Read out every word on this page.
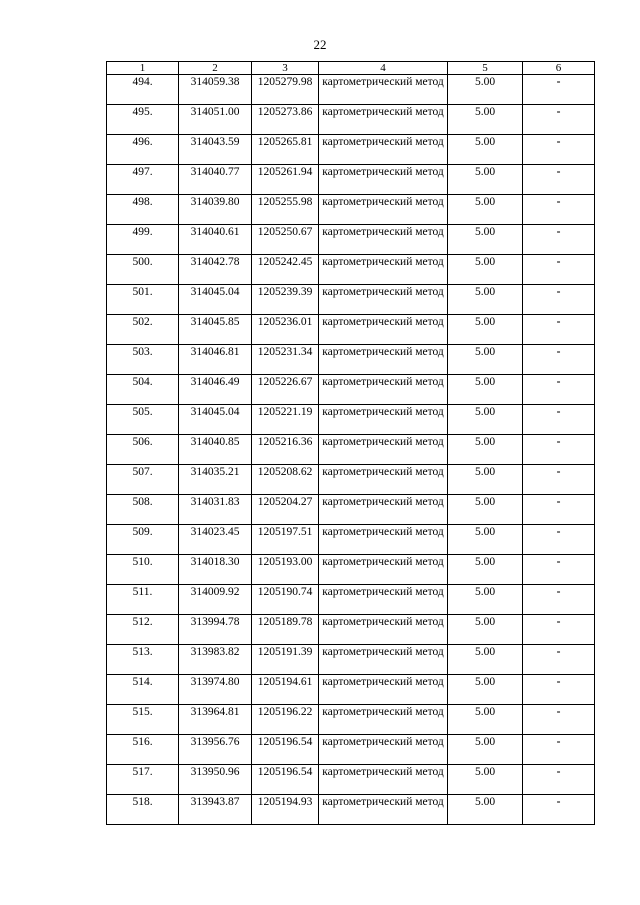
22
1	2	3	4	5	6
494.	314059.38	1205279.98	картометрический метод	5.00	-
495.	314051.00	1205273.86	картометрический метод	5.00	-
496.	314043.59	1205265.81	картометрический метод	5.00	-
497.	314040.77	1205261.94	картометрический метод	5.00	-
498.	314039.80	1205255.98	картометрический метод	5.00	-
499.	314040.61	1205250.67	картометрический метод	5.00	-
500.	314042.78	1205242.45	картометрический метод	5.00	-
501.	314045.04	1205239.39	картометрический метод	5.00	-
502.	314045.85	1205236.01	картометрический метод	5.00	-
503.	314046.81	1205231.34	картометрический метод	5.00	-
504.	314046.49	1205226.67	картометрический метод	5.00	-
505.	314045.04	1205221.19	картометрический метод	5.00	-
506.	314040.85	1205216.36	картометрический метод	5.00	-
507.	314035.21	1205208.62	картометрический метод	5.00	-
508.	314031.83	1205204.27	картометрический метод	5.00	-
509.	314023.45	1205197.51	картометрический метод	5.00	-
510.	314018.30	1205193.00	картометрический метод	5.00	-
511.	314009.92	1205190.74	картометрический метод	5.00	-
512.	313994.78	1205189.78	картометрический метод	5.00	-
513.	313983.82	1205191.39	картометрический метод	5.00	-
514.	313974.80	1205194.61	картометрический метод	5.00	-
515.	313964.81	1205196.22	картометрический метод	5.00	-
516.	313956.76	1205196.54	картометрический метод	5.00	-
517.	313950.96	1205196.54	картометрический метод	5.00	-
518.	313943.87	1205194.93	картометрический метод	5.00	-
